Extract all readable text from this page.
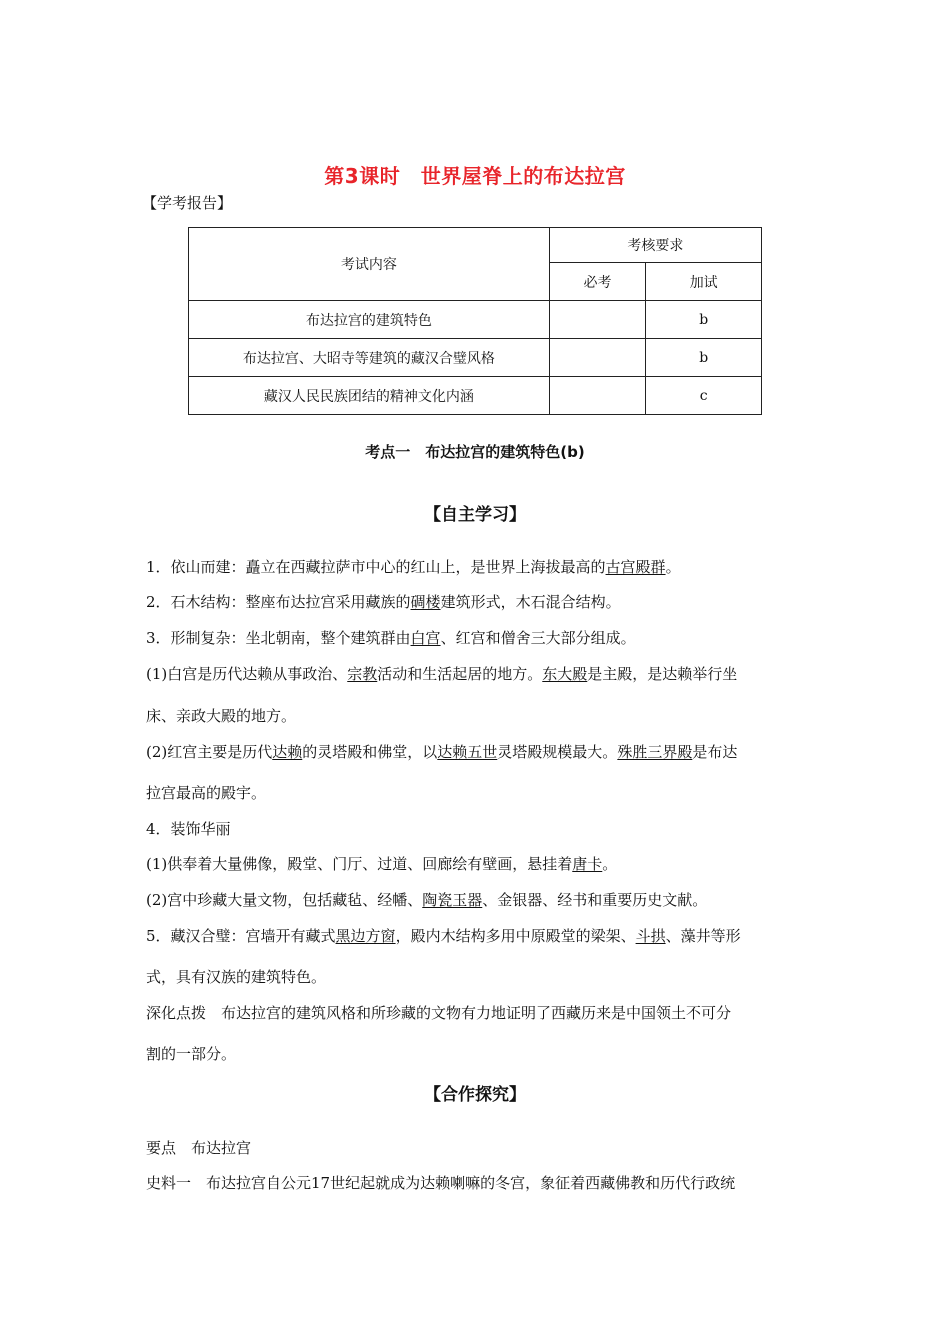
第3课时　世界屋脊上的布达拉宫
【学考报告】
考试内容	考核要求	
	必考	加试
布达拉宫的建筑特色		b
布达拉宫、大昭寺等建筑的藏汉合璧风格		b
藏汉人民民族团结的精神文化内涵		c
考点一　布达拉宫的建筑特色(b)
【自主学习】
1．依山而建：矗立在西藏拉萨市中心的红山上，是世界上海拔最高的古宫殿群。
2．石木结构：整座布达拉宫采用藏族的碉楼建筑形式，木石混合结构。
3．形制复杂：坐北朝南，整个建筑群由白宫、红宫和僧舍三大部分组成。
(1)白宫是历代达赖从事政治、宗教活动和生活起居的地方。东大殿是主殿，是达赖举行坐
床、亲政大殿的地方。
(2)红宫主要是历代达赖的灵塔殿和佛堂，以达赖五世灵塔殿规模最大。殊胜三界殿是布达
拉宫最高的殿宇。
4．装饰华丽
(1)供奉着大量佛像，殿堂、门厅、过道、回廊绘有壁画，悬挂着唐卡。
(2)宫中珍藏大量文物，包括藏毡、经幡、陶瓷玉器、金银器、经书和重要历史文献。
5．藏汉合璧：宫墙开有藏式黑边方窗，殿内木结构多用中原殿堂的梁架、斗拱、藻井等形
式，具有汉族的建筑特色。
深化点拨　布达拉宫的建筑风格和所珍藏的文物有力地证明了西藏历来是中国领土不可分
割的一部分。
【合作探究】
要点　布达拉宫
史料一　布达拉宫自公元17世纪起就成为达赖喇嘛的冬宫，象征着西藏佛教和历代行政统
